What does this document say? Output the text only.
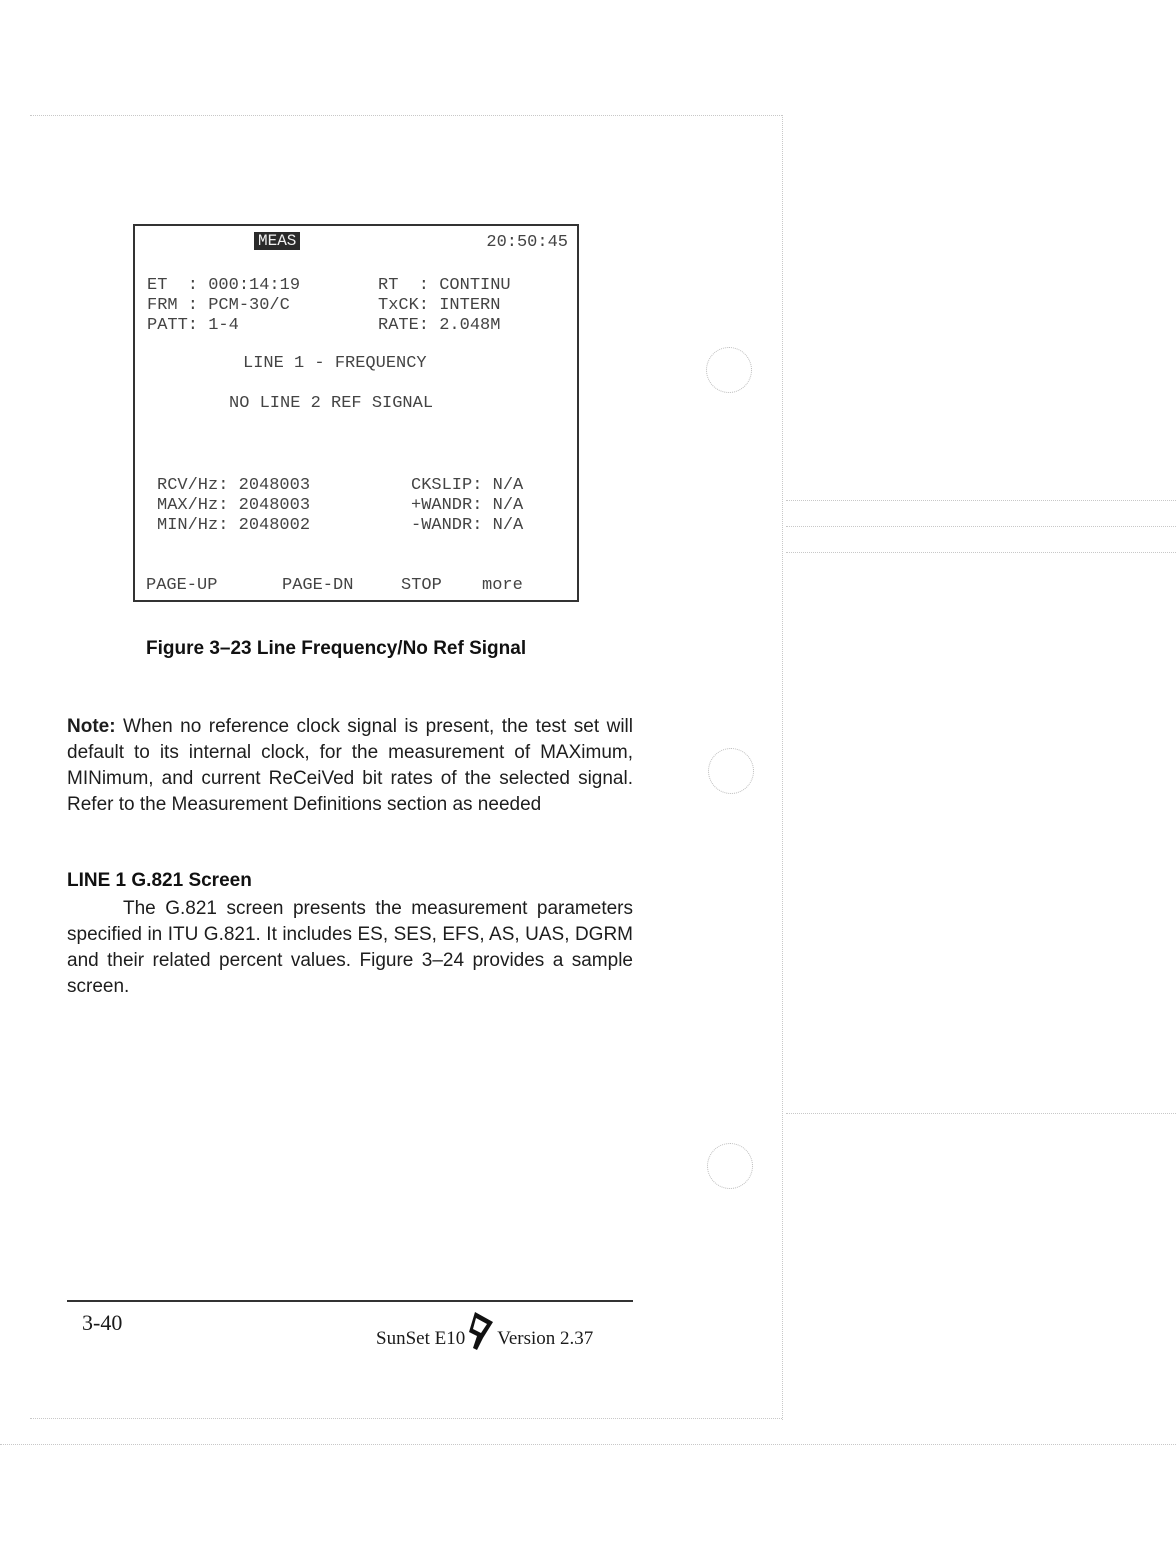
MEAS	20:50:45
ET  : 000:14:19	RT  : CONTINU
FRM : PCM-30/C	TxCK: INTERN
PATT: 1-4	RATE: 2.048M
LINE 1 - FREQUENCY
NO LINE 2 REF SIGNAL
RCV/Hz: 2048003	CKSLIP: N/A
MAX/Hz: 2048003	+WANDR: N/A
MIN/Hz: 2048002	-WANDR: N/A
PAGE-UP	PAGE-DN	STOP more
Figure 3–23 Line Frequency/No Ref Signal
Note: When no reference clock signal is present, the test set will default to its internal clock, for the measurement of MAXimum, MINimum, and current ReCeiVed bit rates of the selected signal. Refer to the Measurement Definitions section as needed
LINE 1 G.821 Screen
The G.821 screen presents the measurement parameters specified in ITU G.821. It includes ES, SES, EFS, AS, UAS, DGRM and their related percent values. Figure 3–24 provides a sample screen.
3-40
SunSet E10 Version 2.37
